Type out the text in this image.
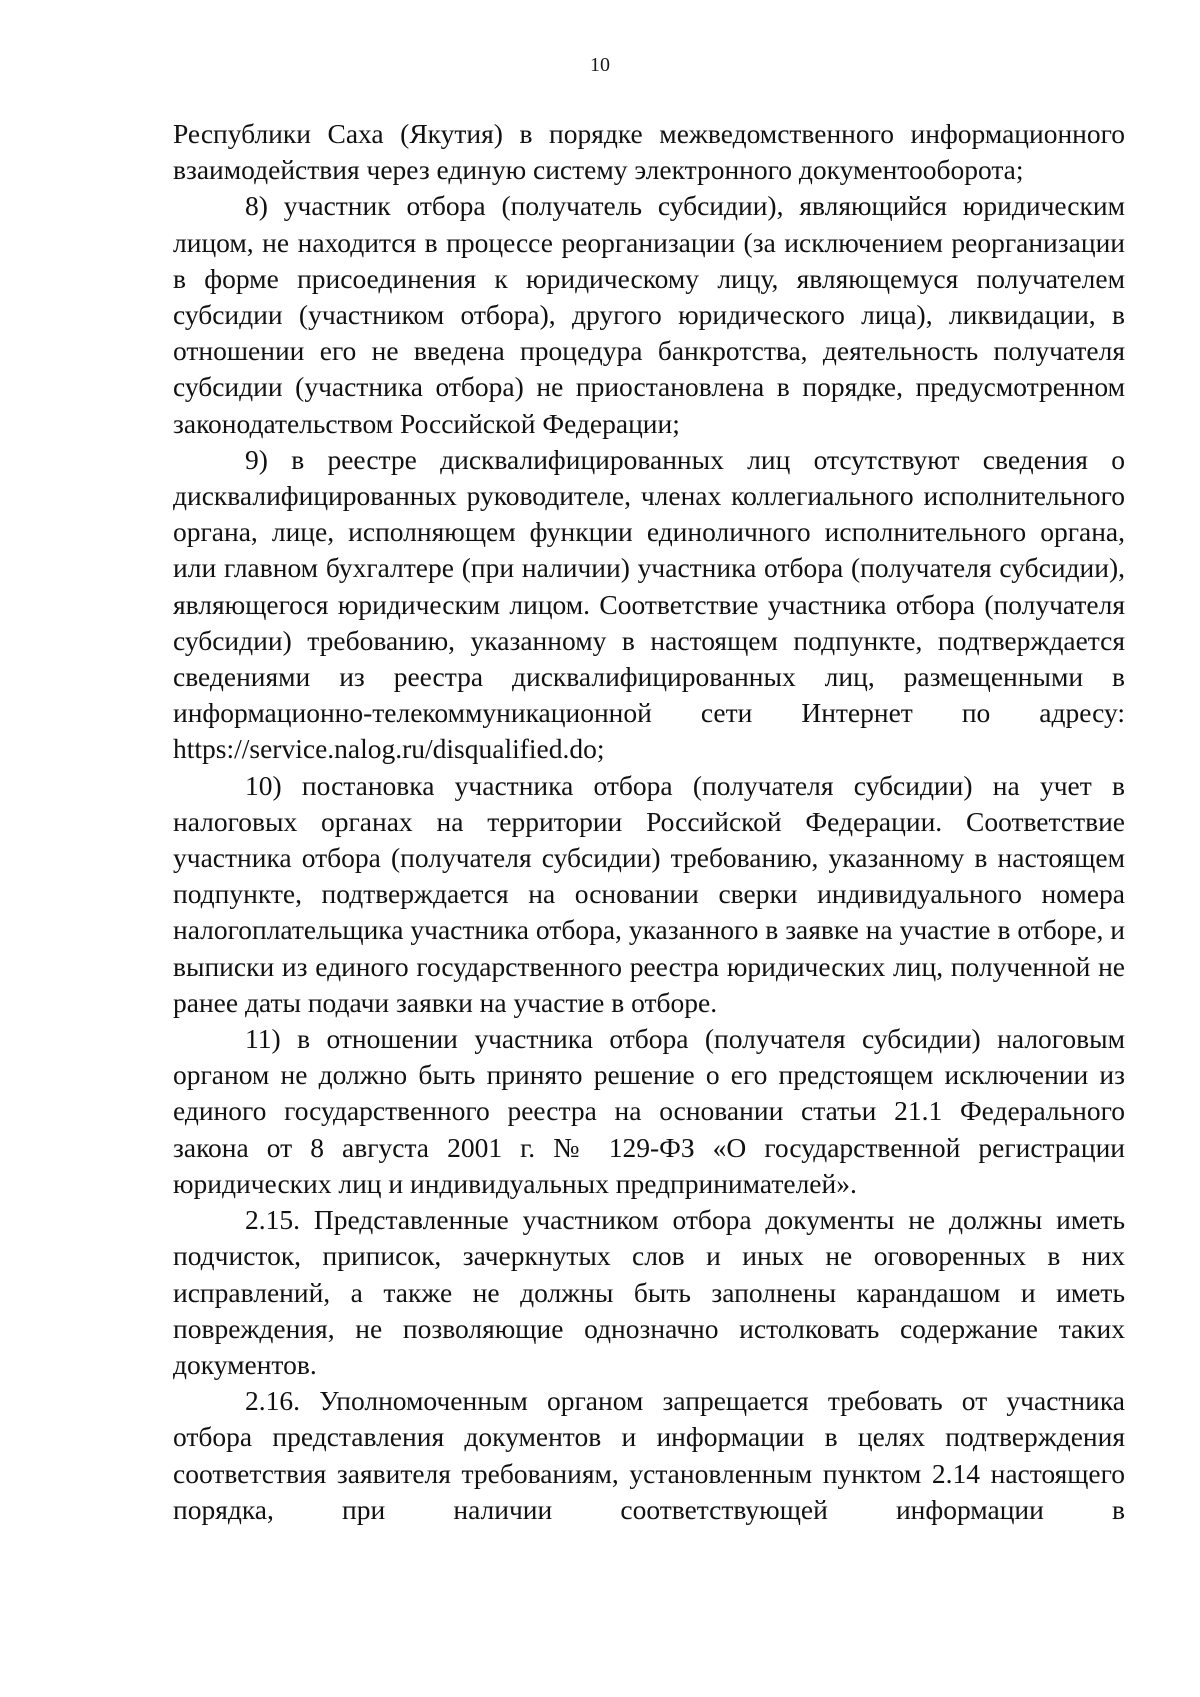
10

Республики Саха (Якутия) в порядке межведомственного информационного взаимодействия через единую систему электронного документооборота;

8) участник отбора (получатель субсидии), являющийся юридическим лицом, не находится в процессе реорганизации (за исключением реорганизации в форме присоединения к юридическому лицу, являющемуся получателем субсидии (участником отбора), другого юридического лица), ликвидации, в отношении его не введена процедура банкротства, деятельность получателя субсидии (участника отбора) не приостановлена в порядке, предусмотренном законодательством Российской Федерации;

9) в реестре дисквалифицированных лиц отсутствуют сведения о дисквалифицированных руководителе, членах коллегиального исполнительного органа, лице, исполняющем функции единоличного исполнительного органа, или главном бухгалтере (при наличии) участника отбора (получателя субсидии), являющегося юридическим лицом. Соответствие участника отбора (получателя субсидии) требованию, указанному в настоящем подпункте, подтверждается сведениями из реестра дисквалифицированных лиц, размещенными в информационно-телекоммуникационной сети Интернет по адресу: https://service.nalog.ru/disqualified.do;

10) постановка участника отбора (получателя субсидии) на учет в налоговых органах на территории Российской Федерации. Соответствие участника отбора (получателя субсидии) требованию, указанному в настоящем подпункте, подтверждается на основании сверки индивидуального номера налогоплательщика участника отбора, указанного в заявке на участие в отборе, и выписки из единого государственного реестра юридических лиц, полученной не ранее даты подачи заявки на участие в отборе.

11) в отношении участника отбора (получателя субсидии) налоговым органом не должно быть принято решение о его предстоящем исключении из единого государственного реестра на основании статьи 21.1 Федерального закона от 8 августа 2001 г. № 129-ФЗ «О государственной регистрации юридических лиц и индивидуальных предпринимателей».

2.15. Представленные участником отбора документы не должны иметь подчисток, приписок, зачеркнутых слов и иных не оговоренных в них исправлений, а также не должны быть заполнены карандашом и иметь повреждения, не позволяющие однозначно истолковать содержание таких документов.

2.16. Уполномоченным органом запрещается требовать от участника отбора представления документов и информации в целях подтверждения соответствия заявителя требованиям, установленным пунктом 2.14 настоящего порядка, при наличии соответствующей информации в
